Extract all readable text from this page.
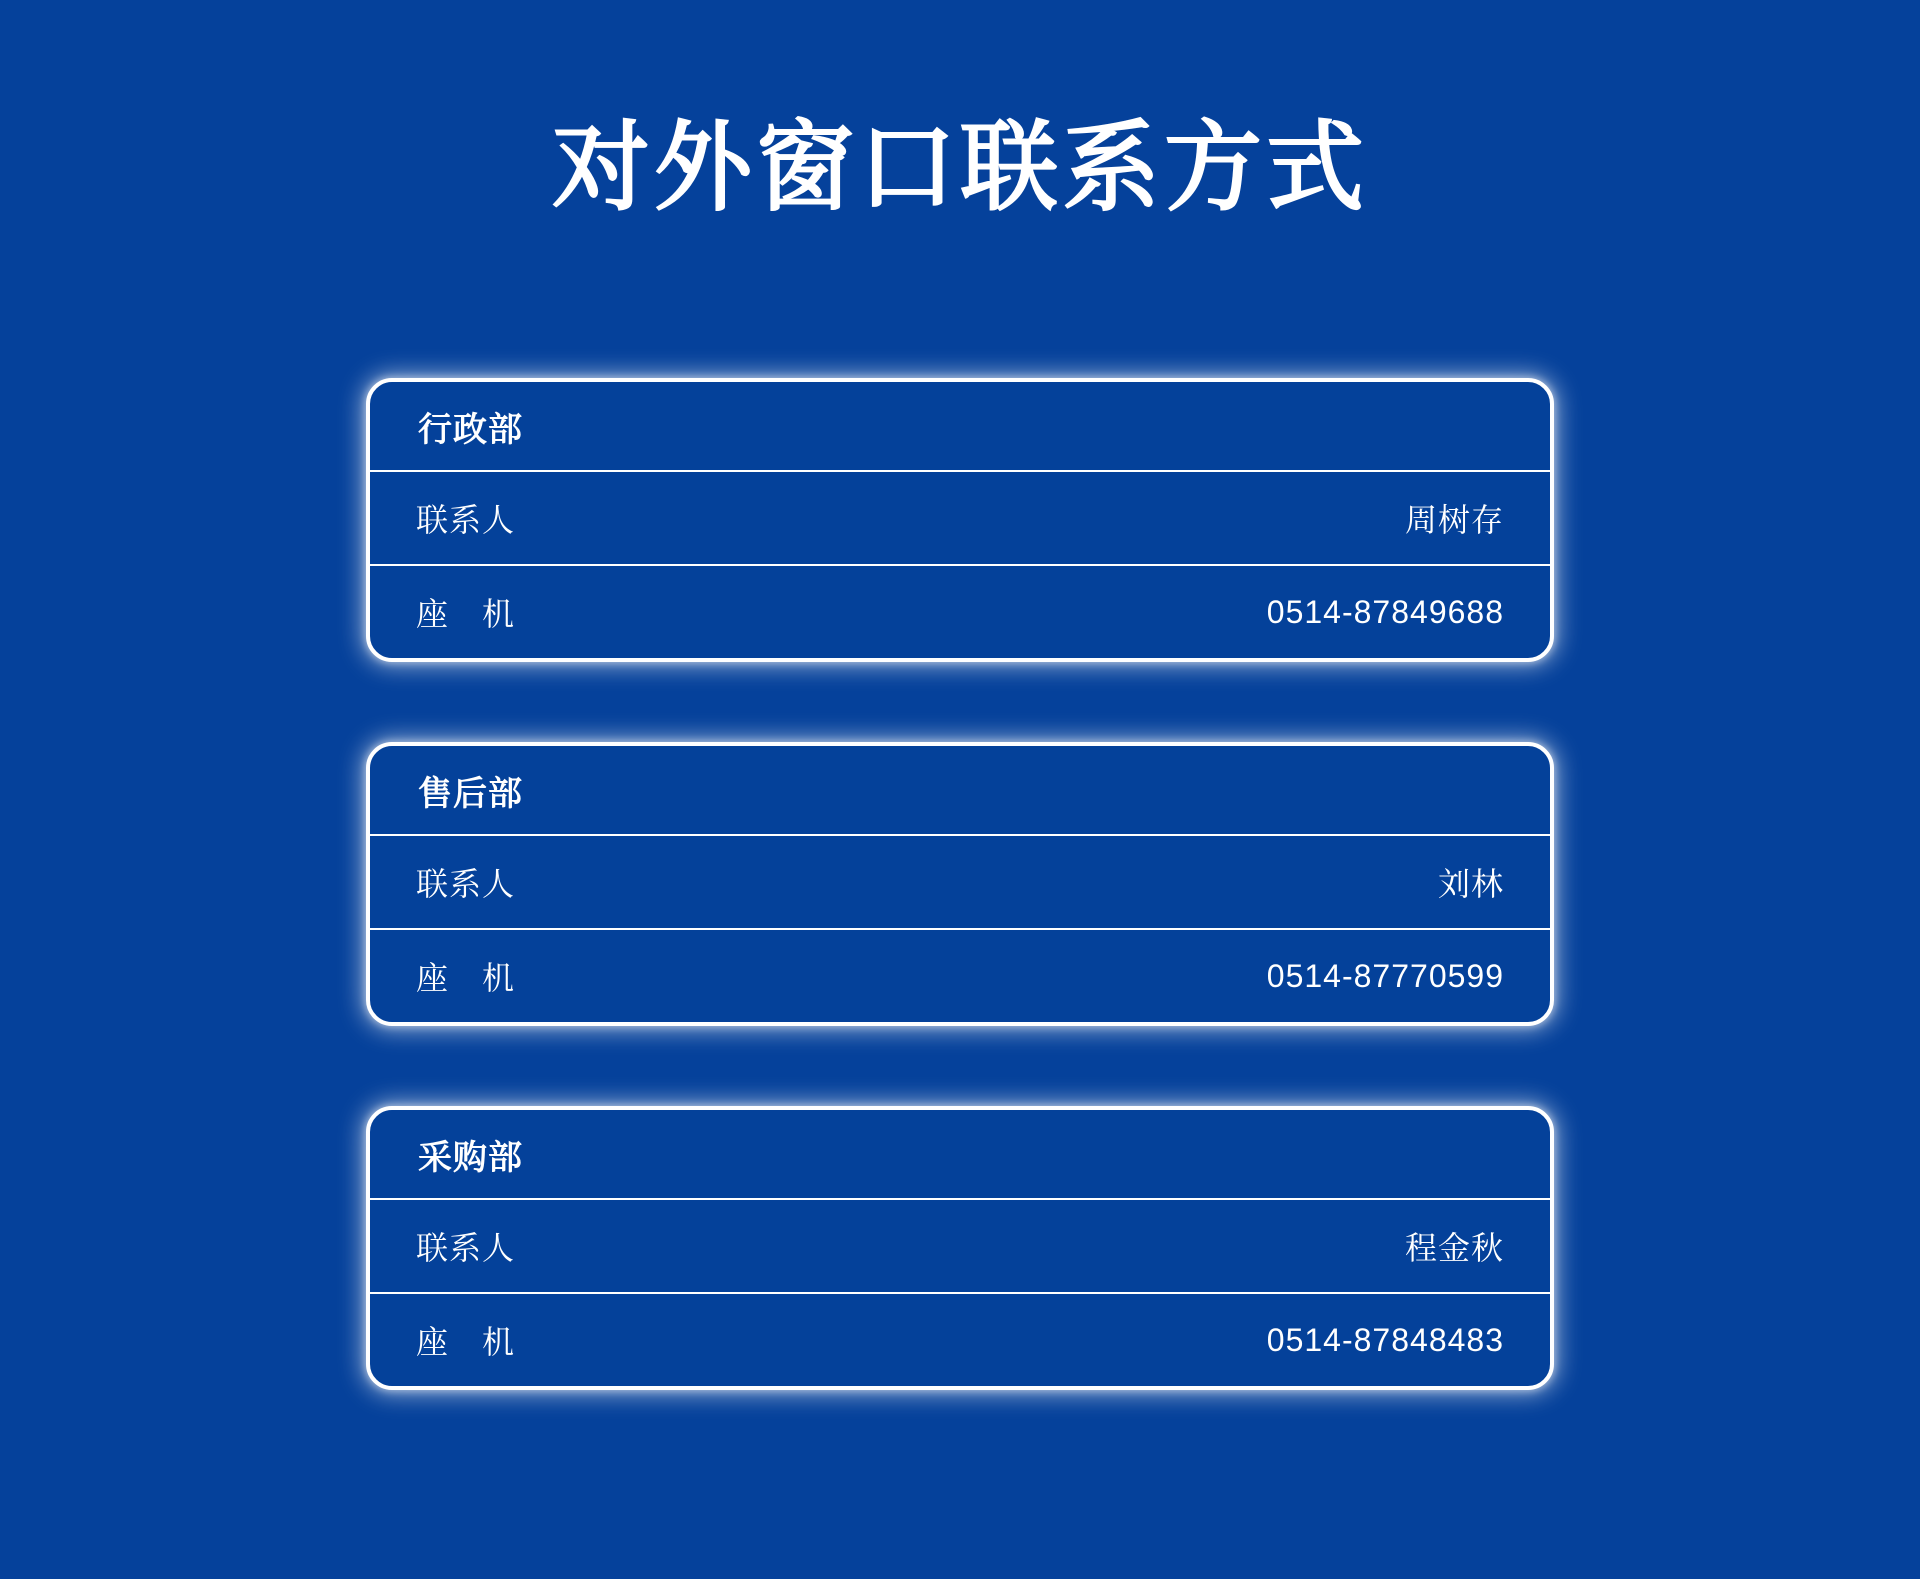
对外窗口联系方式
行政部
联系人	周树存
座　机	0514-87849688
售后部
联系人	刘林
座　机	0514-87770599
采购部
联系人	程金秋
座　机	0514-87848483
